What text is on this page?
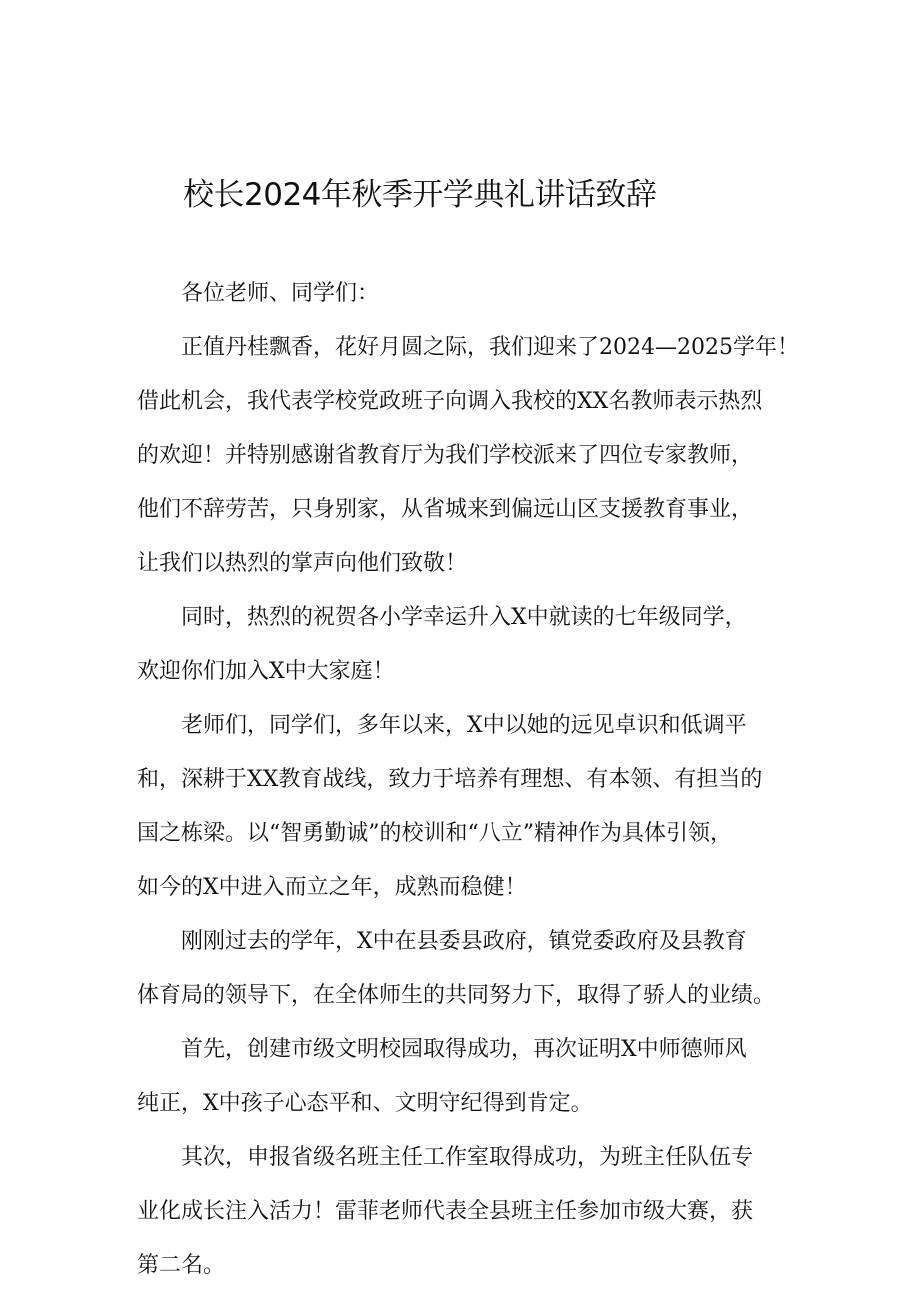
校长2024年秋季开学典礼讲话致辞

各位老师、同学们：

正值丹桂飘香，花好月圆之际，我们迎来了2024—2025学年！
借此机会，我代表学校党政班子向调入我校的XX名教师表示热烈
的欢迎！并特别感谢省教育厅为我们学校派来了四位专家教师，
他们不辞劳苦，只身别家，从省城来到偏远山区支援教育事业，
让我们以热烈的掌声向他们致敬！
同时，热烈的祝贺各小学幸运升入X中就读的七年级同学，
欢迎你们加入X中大家庭！
老师们，同学们，多年以来，X中以她的远见卓识和低调平
和，深耕于XX教育战线，致力于培养有理想、有本领、有担当的
国之栋梁。以“智勇勤诚”的校训和“八立”精神作为具体引领，
如今的X中进入而立之年，成熟而稳健！
刚刚过去的学年，X中在县委县政府，镇党委政府及县教育
体育局的领导下，在全体师生的共同努力下，取得了骄人的业绩。
首先，创建市级文明校园取得成功，再次证明X中师德师风
纯正，X中孩子心态平和、文明守纪得到肯定。
其次，申报省级名班主任工作室取得成功，为班主任队伍专
业化成长注入活力！雷菲老师代表全县班主任参加市级大赛，获
第二名。
